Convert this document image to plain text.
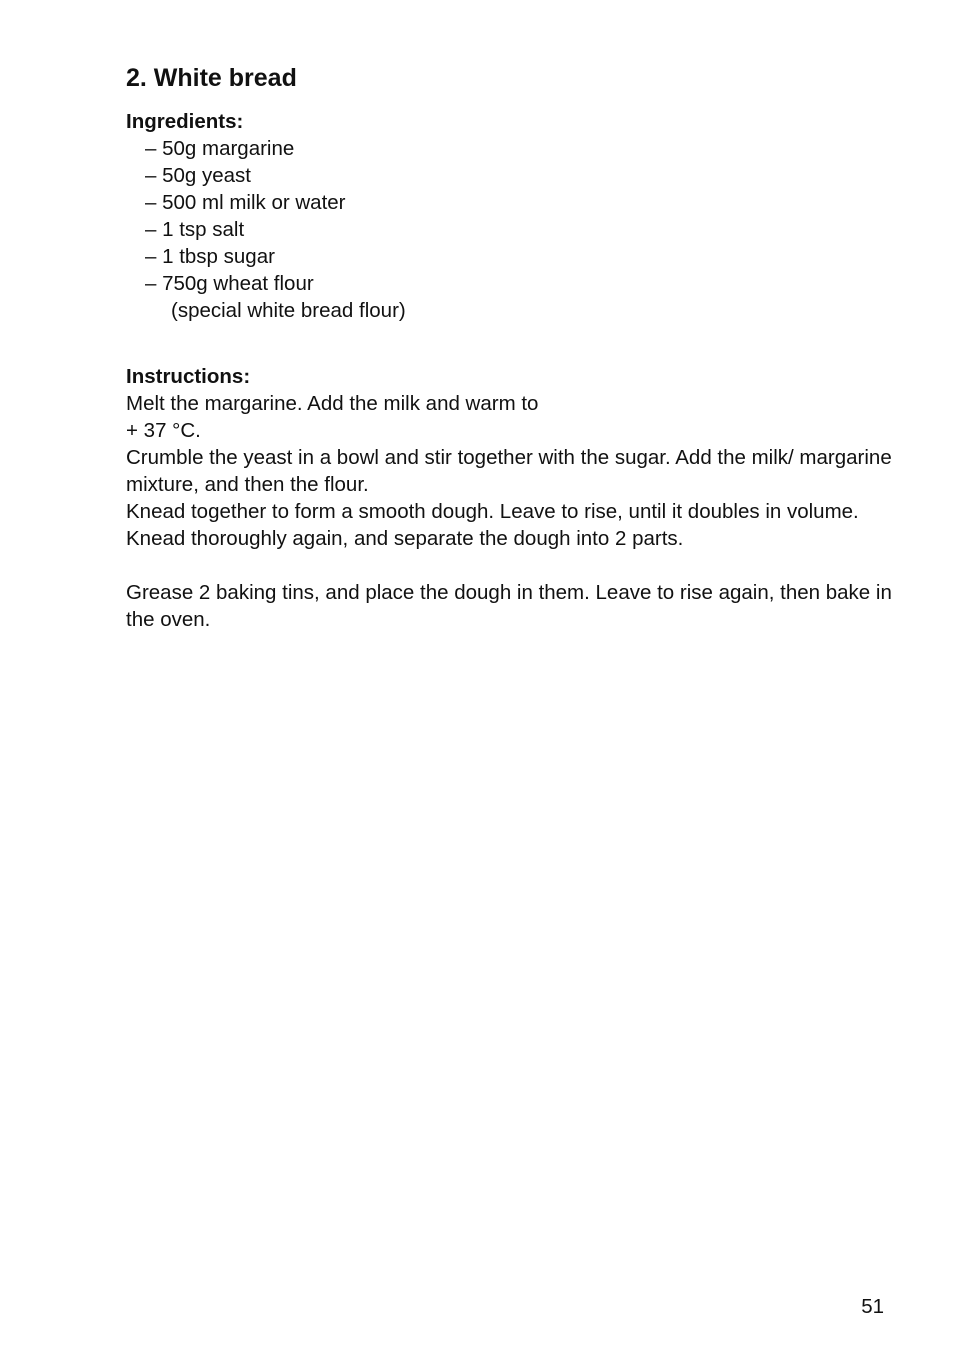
2. White bread
Ingredients:
– 50g margarine
– 50g yeast
– 500 ml milk or water
– 1 tsp salt
– 1 tbsp sugar
– 750g wheat flour
(special white bread flour)
Instructions:

Melt the margarine. Add the milk and warm to

+ 37 °C.

Crumble the yeast in a bowl and stir together with the sugar. Add the milk/ margarine mixture, and then the flour.

Knead together to form a smooth dough. Leave to rise, until it doubles in volume. Knead thoroughly again, and separate the dough into 2 parts.

Grease 2 baking tins, and place the dough in them. Leave to rise again, then bake in the oven.

51
